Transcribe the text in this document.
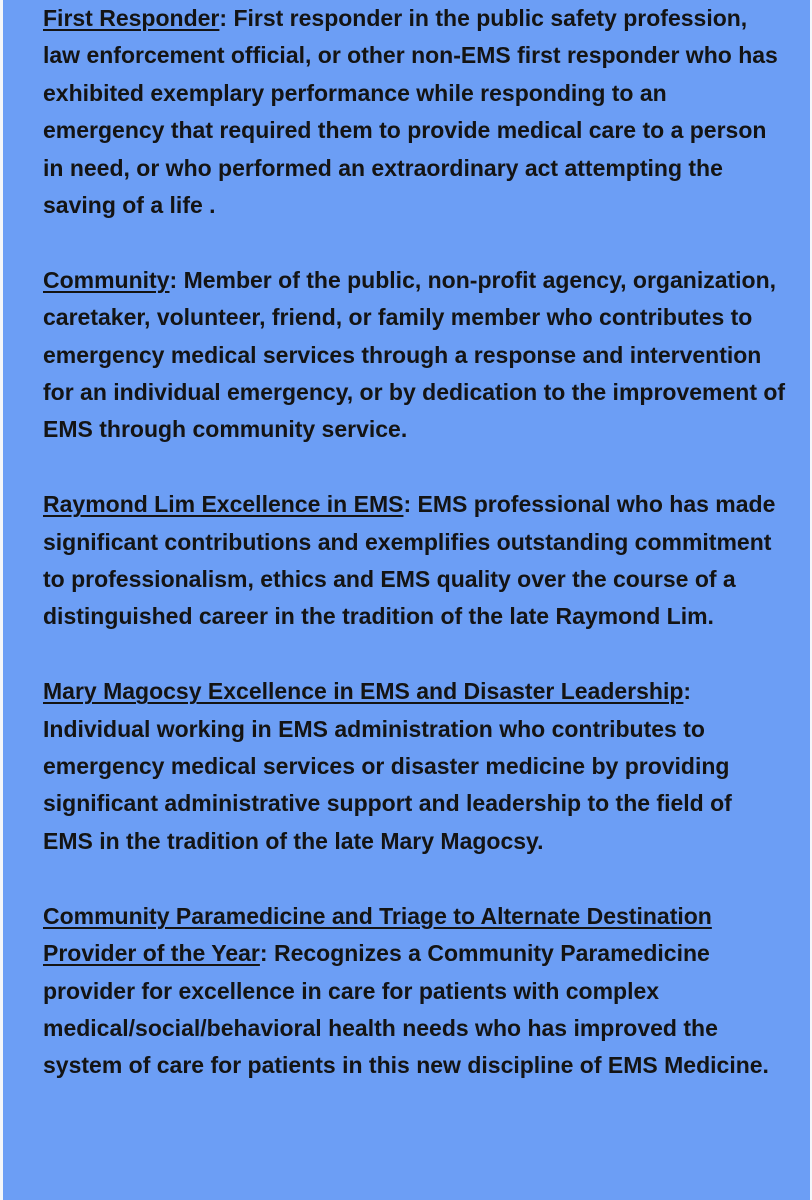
First Responder: First responder in the public safety profession, law enforcement official, or other non-EMS first responder who has exhibited exemplary performance while responding to an emergency that required them to provide medical care to a person in need, or who performed an extraordinary act attempting the saving of a life .

Community: Member of the public, non-profit agency, organization, caretaker, volunteer, friend, or family member who contributes to emergency medical services through a response and intervention for an individual emergency, or by dedication to the improvement of EMS through community service.

Raymond Lim Excellence in EMS: EMS professional who has made significant contributions and exemplifies outstanding commitment to professionalism, ethics and EMS quality over the course of a distinguished career in the tradition of the late Raymond Lim.

Mary Magocsy Excellence in EMS and Disaster Leadership: Individual working in EMS administration who contributes to emergency medical services or disaster medicine by providing significant administrative support and leadership to the field of EMS in the tradition of the late Mary Magocsy.

Community Paramedicine and Triage to Alternate Destination Provider of the Year: Recognizes a Community Paramedicine provider for excellence in care for patients with complex medical/social/behavioral health needs who has improved the system of care for patients in this new discipline of EMS Medicine.
